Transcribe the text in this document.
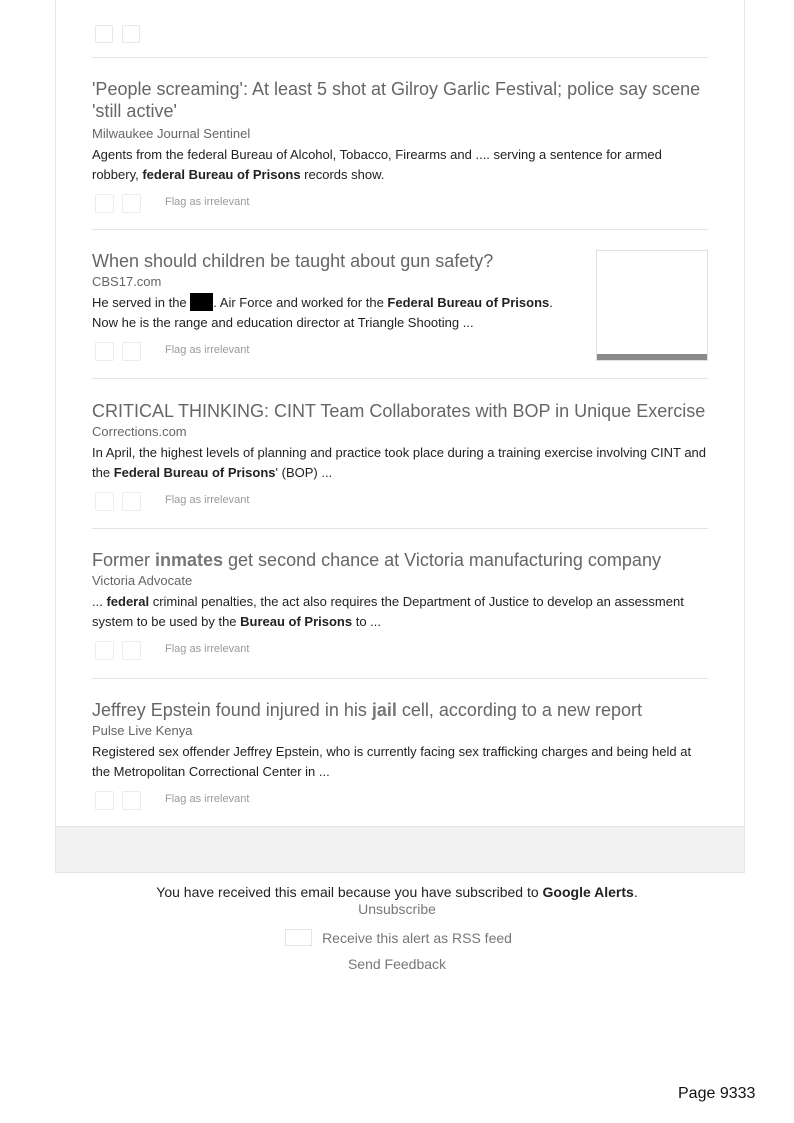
'People screaming': At least 5 shot at Gilroy Garlic Festival; police say scene 'still active'
Milwaukee Journal Sentinel
Agents from the federal Bureau of Alcohol, Tobacco, Firearms and .... serving a sentence for armed robbery, federal Bureau of Prisons records show.
Flag as irrelevant
When should children be taught about gun safety?
CBS17.com
He served in the . Air Force and worked for the Federal Bureau of Prisons.
Now he is the range and education director at Triangle Shooting ...
Flag as irrelevant
CRITICAL THINKING: CINT Team Collaborates with BOP in Unique Exercise
Corrections.com
In April, the highest levels of planning and practice took place during a training exercise involving CINT and the Federal Bureau of Prisons' (BOP) ...
Flag as irrelevant
Former inmates get second chance at Victoria manufacturing company
Victoria Advocate
... federal criminal penalties, the act also requires the Department of Justice to develop an assessment system to be used by the Bureau of Prisons to ...
Flag as irrelevant
Jeffrey Epstein found injured in his jail cell, according to a new report
Pulse Live Kenya
Registered sex offender Jeffrey Epstein, who is currently facing sex trafficking charges and being held at the Metropolitan Correctional Center in ...
Flag as irrelevant
You have received this email because you have subscribed to Google Alerts.
Unsubscribe
Receive this alert as RSS feed
Send Feedback
Page 9333
